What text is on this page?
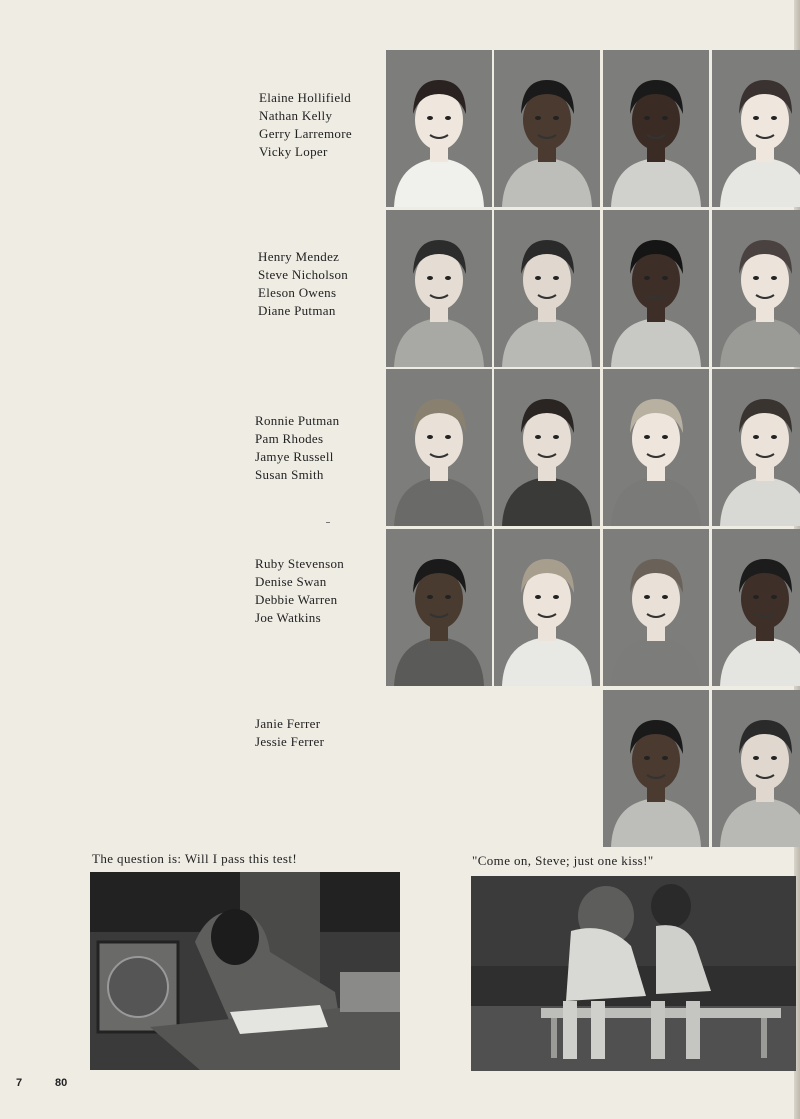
Elaine Hollifield
Nathan Kelly
Gerry Larremore
Vicky Loper
Henry Mendez
Steve Nicholson
Eleson Owens
Diane Putman
Ronnie Putman
Pam Rhodes
Jamye Russell
Susan Smith
Ruby Stevenson
Denise Swan
Debbie Warren
Joe Watkins
Janie Ferrer
Jessie Ferrer
The question is: Will I pass this test!	"Come on, Steve; just one kiss!"
7	80
